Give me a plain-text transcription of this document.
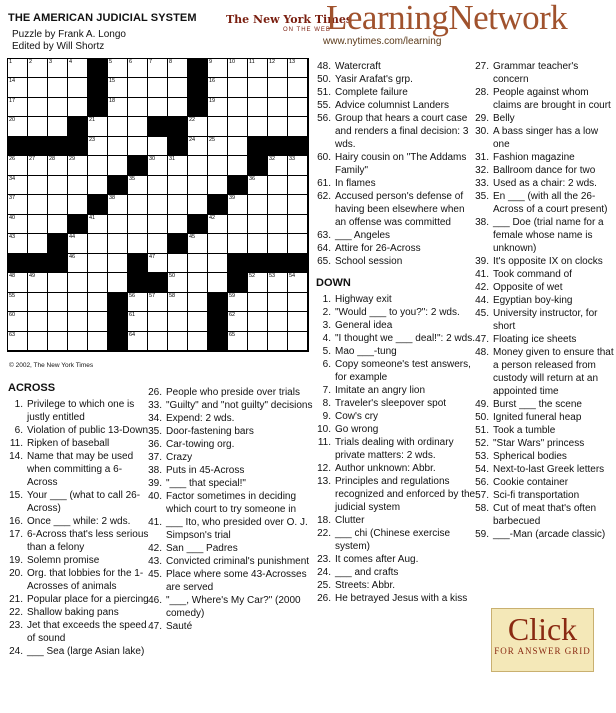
THE AMERICAN JUDICIAL SYSTEM
Puzzle by Frank A. Longo
Edited by Will Shortz
The New York Times
ON THE WEB
LearningNetwork
www.nytimes.com/learning
1	2	3	4	5	6	7	8	9	10	11	12	13
14	15	16
17	18	19
20	21	22
23	24	25
26	27	28	29	30	31	32	33
34	35	36
37	38	39
40	41	42
43	44	45
46	47
48	49	50	52	53	54
55	56	57	58	59
60	61	62
63	64	65
© 2002, The New York Times
ACROSS
1. Privilege to which one is justly entitled
6. Violation of public 13-Down
11. Ripken of baseball
14. Name that may be used when committing a 6-Across
15. Your ___ (what to call 26-Across)
16. Once ___ while: 2 wds.
17. 6-Across that's less serious than a felony
19. Solemn promise
20. Org. that lobbies for the 1-Acrosses of animals
21. Popular place for a piercing
22. Shallow baking pans
23. Jet that exceeds the speed of sound
24. ___ Sea (large Asian lake)
26. People who preside over trials
33. "Guilty" and "not guilty" decisions
34. Expend: 2 wds.
35. Door-fastening bars
36. Car-towing org.
37. Crazy
38. Puts in 45-Across
39. "___ that special!"
40. Factor sometimes in deciding which court to try someone in
41. ___ Ito, who presided over O. J. Simpson's trial
42. San ___ Padres
43. Convicted criminal's punishment
45. Place where some 43-Acrosses are served
46. "___, Where's My Car?" (2000 comedy)
47. Sauté
48. Watercraft
50. Yasir Arafat's grp.
51. Complete failure
55. Advice columnist Landers
56. Group that hears a court case and renders a final decision: 3 wds.
60. Hairy cousin on "The Addams Family"
61. In flames
62. Accused person's defense of having been elsewhere when an offense was committed
63. ___ Angeles
64. Attire for 26-Across
65. School session
DOWN
1. Highway exit
2. "Would ___ to you?": 2 wds.
3. General idea
4. "I thought we ___ deal!": 2 wds.
5. Mao ___-tung
6. Copy someone's test answers, for example
7. Imitate an angry lion
8. Traveler's sleepover spot
9. Cow's cry
10. Go wrong
11. Trials dealing with ordinary private matters: 2 wds.
12. Author unknown: Abbr.
13. Principles and regulations recognized and enforced by the judicial system
18. Clutter
22. ___ chi (Chinese exercise system)
23. It comes after Aug.
24. ___ and crafts
25. Streets: Abbr.
26. He betrayed Jesus with a kiss
27. Grammar teacher's concern
28. People against whom claims are brought in court
29. Belly
30. A bass singer has a low one
31. Fashion magazine
32. Ballroom dance for two
33. Used as a chair: 2 wds.
35. En ___ (with all the 26-Across of a court present)
38. ___ Doe (trial name for a female whose name is unknown)
39. It's opposite IX on clocks
41. Took command of
42. Opposite of wet
44. Egyptian boy-king
45. University instructor, for short
47. Floating ice sheets
48. Money given to ensure that a person released from custody will return at an appointed time
49. Burst ___ the scene
50. Ignited funeral heap
51. Took a tumble
52. "Star Wars" princess
53. Spherical bodies
54. Next-to-last Greek letters
56. Cookie container
57. Sci-fi transportation
58. Cut of meat that's often barbecued
59. ___-Man (arcade classic)
Click
FOR ANSWER GRID
